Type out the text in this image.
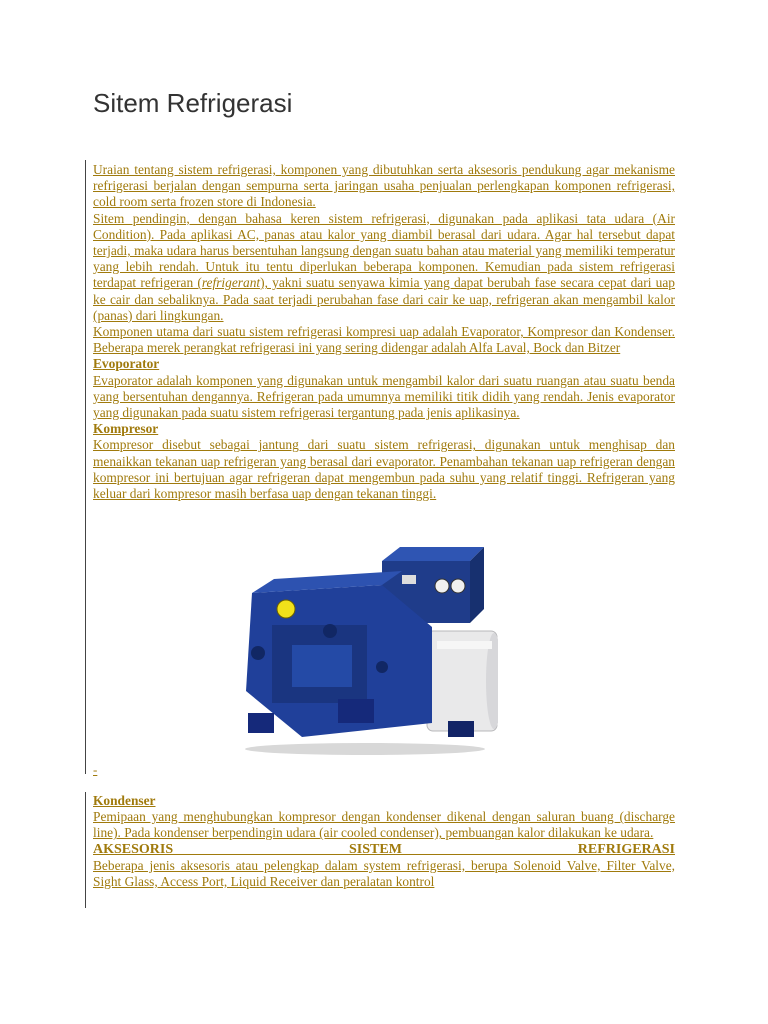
Sitem Refrigerasi

Uraian tentang sistem refrigerasi, komponen yang dibutuhkan serta aksesoris pendukung agar mekanisme refrigerasi berjalan dengan sempurna serta jaringan usaha penjualan perlengkapan komponen refrigerasi, cold room serta frozen store di Indonesia.

Sitem pendingin, dengan bahasa keren sistem refrigerasi, digunakan pada aplikasi tata udara (Air Condition). Pada aplikasi AC, panas atau kalor yang diambil berasal dari udara. Agar hal tersebut dapat terjadi, maka udara harus bersentuhan langsung dengan suatu bahan atau material yang memiliki temperatur yang lebih rendah. Untuk itu tentu diperlukan beberapa komponen. Kemudian pada sistem refrigerasi terdapat refrigeran (refrigerant), yakni suatu senyawa kimia yang dapat berubah fase secara cepat dari uap ke cair dan sebaliknya. Pada saat terjadi perubahan fase dari cair ke uap, refrigeran akan mengambil kalor (panas) dari lingkungan.

Komponen utama dari suatu sistem refrigerasi kompresi uap adalah Evaporator, Kompresor dan Kondenser. Beberapa merek perangkat refrigerasi ini yang sering didengar adalah Alfa Laval, Bock dan Bitzer

Evoporator

Evaporator adalah komponen yang digunakan untuk mengambil kalor dari suatu ruangan atau suatu benda yang bersentuhan dengannya. Refrigeran pada umumnya memiliki titik didih yang rendah. Jenis evaporator yang digunakan pada suatu sistem refrigerasi tergantung pada jenis aplikasinya.

Kompresor

Kompresor disebut sebagai jantung dari suatu sistem refrigerasi, digunakan untuk menghisap dan menaikkan tekanan uap refrigeran yang berasal dari evaporator. Penambahan tekanan uap refrigeran dengan kompresor ini bertujuan agar refrigeran dapat mengembun pada suhu yang relatif tinggi. Refrigeran yang keluar dari kompresor masih berfasa uap dengan tekanan tinggi.

-

Kondenser

Pemipaan yang menghubungkan kompresor dengan kondenser dikenal dengan saluran buang (discharge line). Pada kondenser berpendingin udara (air cooled condenser), pembuangan kalor dilakukan ke udara.

AKSESORIS SISTEM REFRIGERASI

Beberapa jenis aksesoris atau pelengkap dalam system refrigerasi, berupa Solenoid Valve, Filter Valve, Sight Glass, Access Port, Liquid Receiver dan peralatan kontrol
